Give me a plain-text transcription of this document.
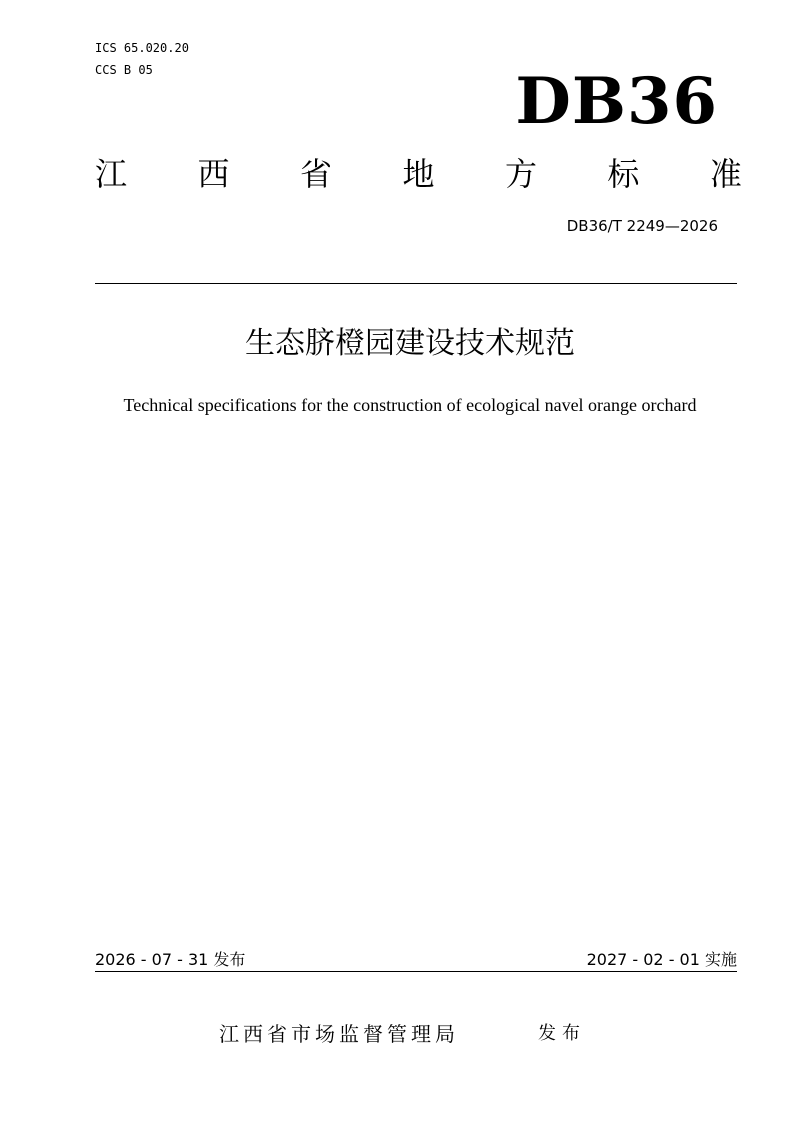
ICS 65.020.20
CCS B 05	DB36
江 西 省 地 方 标 准
DB36/T 2249—2026
生态脐橙园建设技术规范
Technical specifications for the construction of ecological navel orange orchard
2026 - 07 - 31 发布	2027 - 02 - 01 实施
江西省市场监督管理局	发布
